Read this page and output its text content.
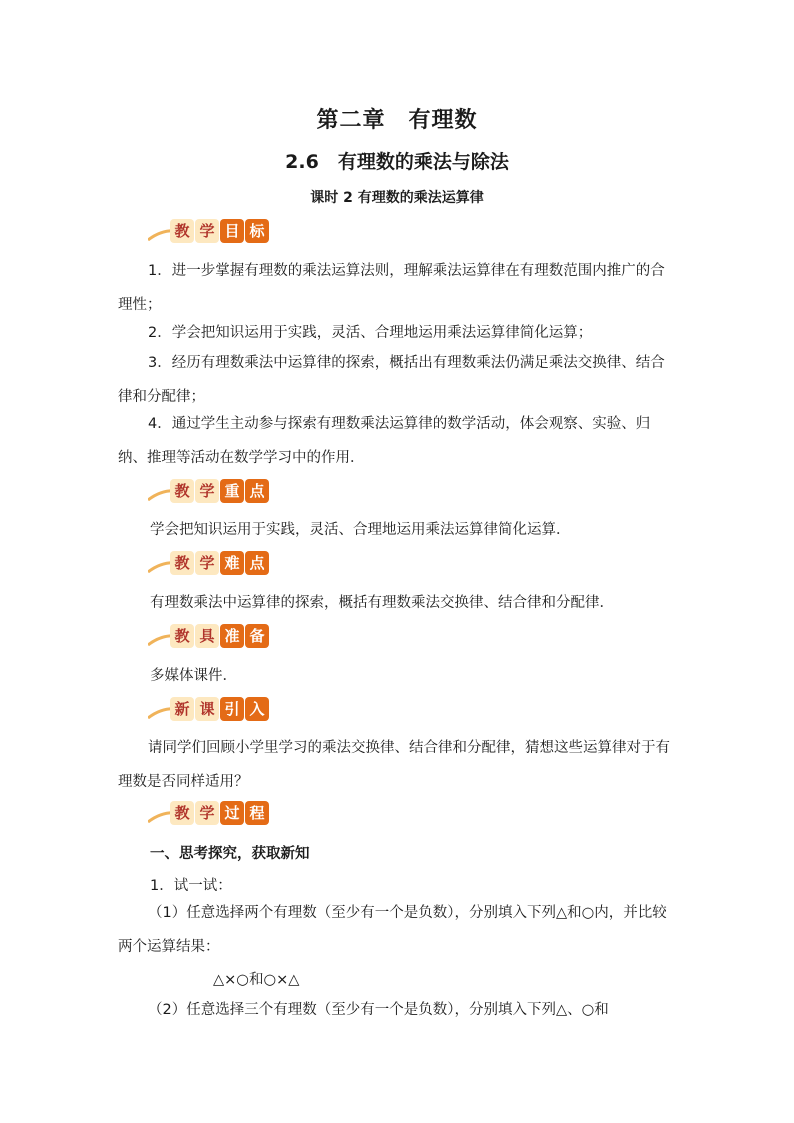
第二章　有理数
2.6　有理数的乘法与除法
课时 2 有理数的乘法运算律
教 学 目 标
1．进一步掌握有理数的乘法运算法则，理解乘法运算律在有理数范围内推广的合理性；
2．学会把知识运用于实践，灵活、合理地运用乘法运算律简化运算；
3．经历有理数乘法中运算律的探索，概括出有理数乘法仍满足乘法交换律、结合律和分配律；
4．通过学生主动参与探索有理数乘法运算律的数学活动，体会观察、实验、归纳、推理等活动在数学学习中的作用．
教 学 重 点
学会把知识运用于实践，灵活、合理地运用乘法运算律简化运算．
教 学 难 点
有理数乘法中运算律的探索，概括有理数乘法交换律、结合律和分配律．
教 具 准 备
多媒体课件．
新 课 引 入
请同学们回顾小学里学习的乘法交换律、结合律和分配律，猜想这些运算律对于有理数是否同样适用？
教 学 过 程
一、思考探究，获取新知
1．试一试：
（1）任意选择两个有理数（至少有一个是负数），分别填入下列△和○内，并比较两个运算结果：
△×○和○×△
（2）任意选择三个有理数（至少有一个是负数），分别填入下列△、○和
